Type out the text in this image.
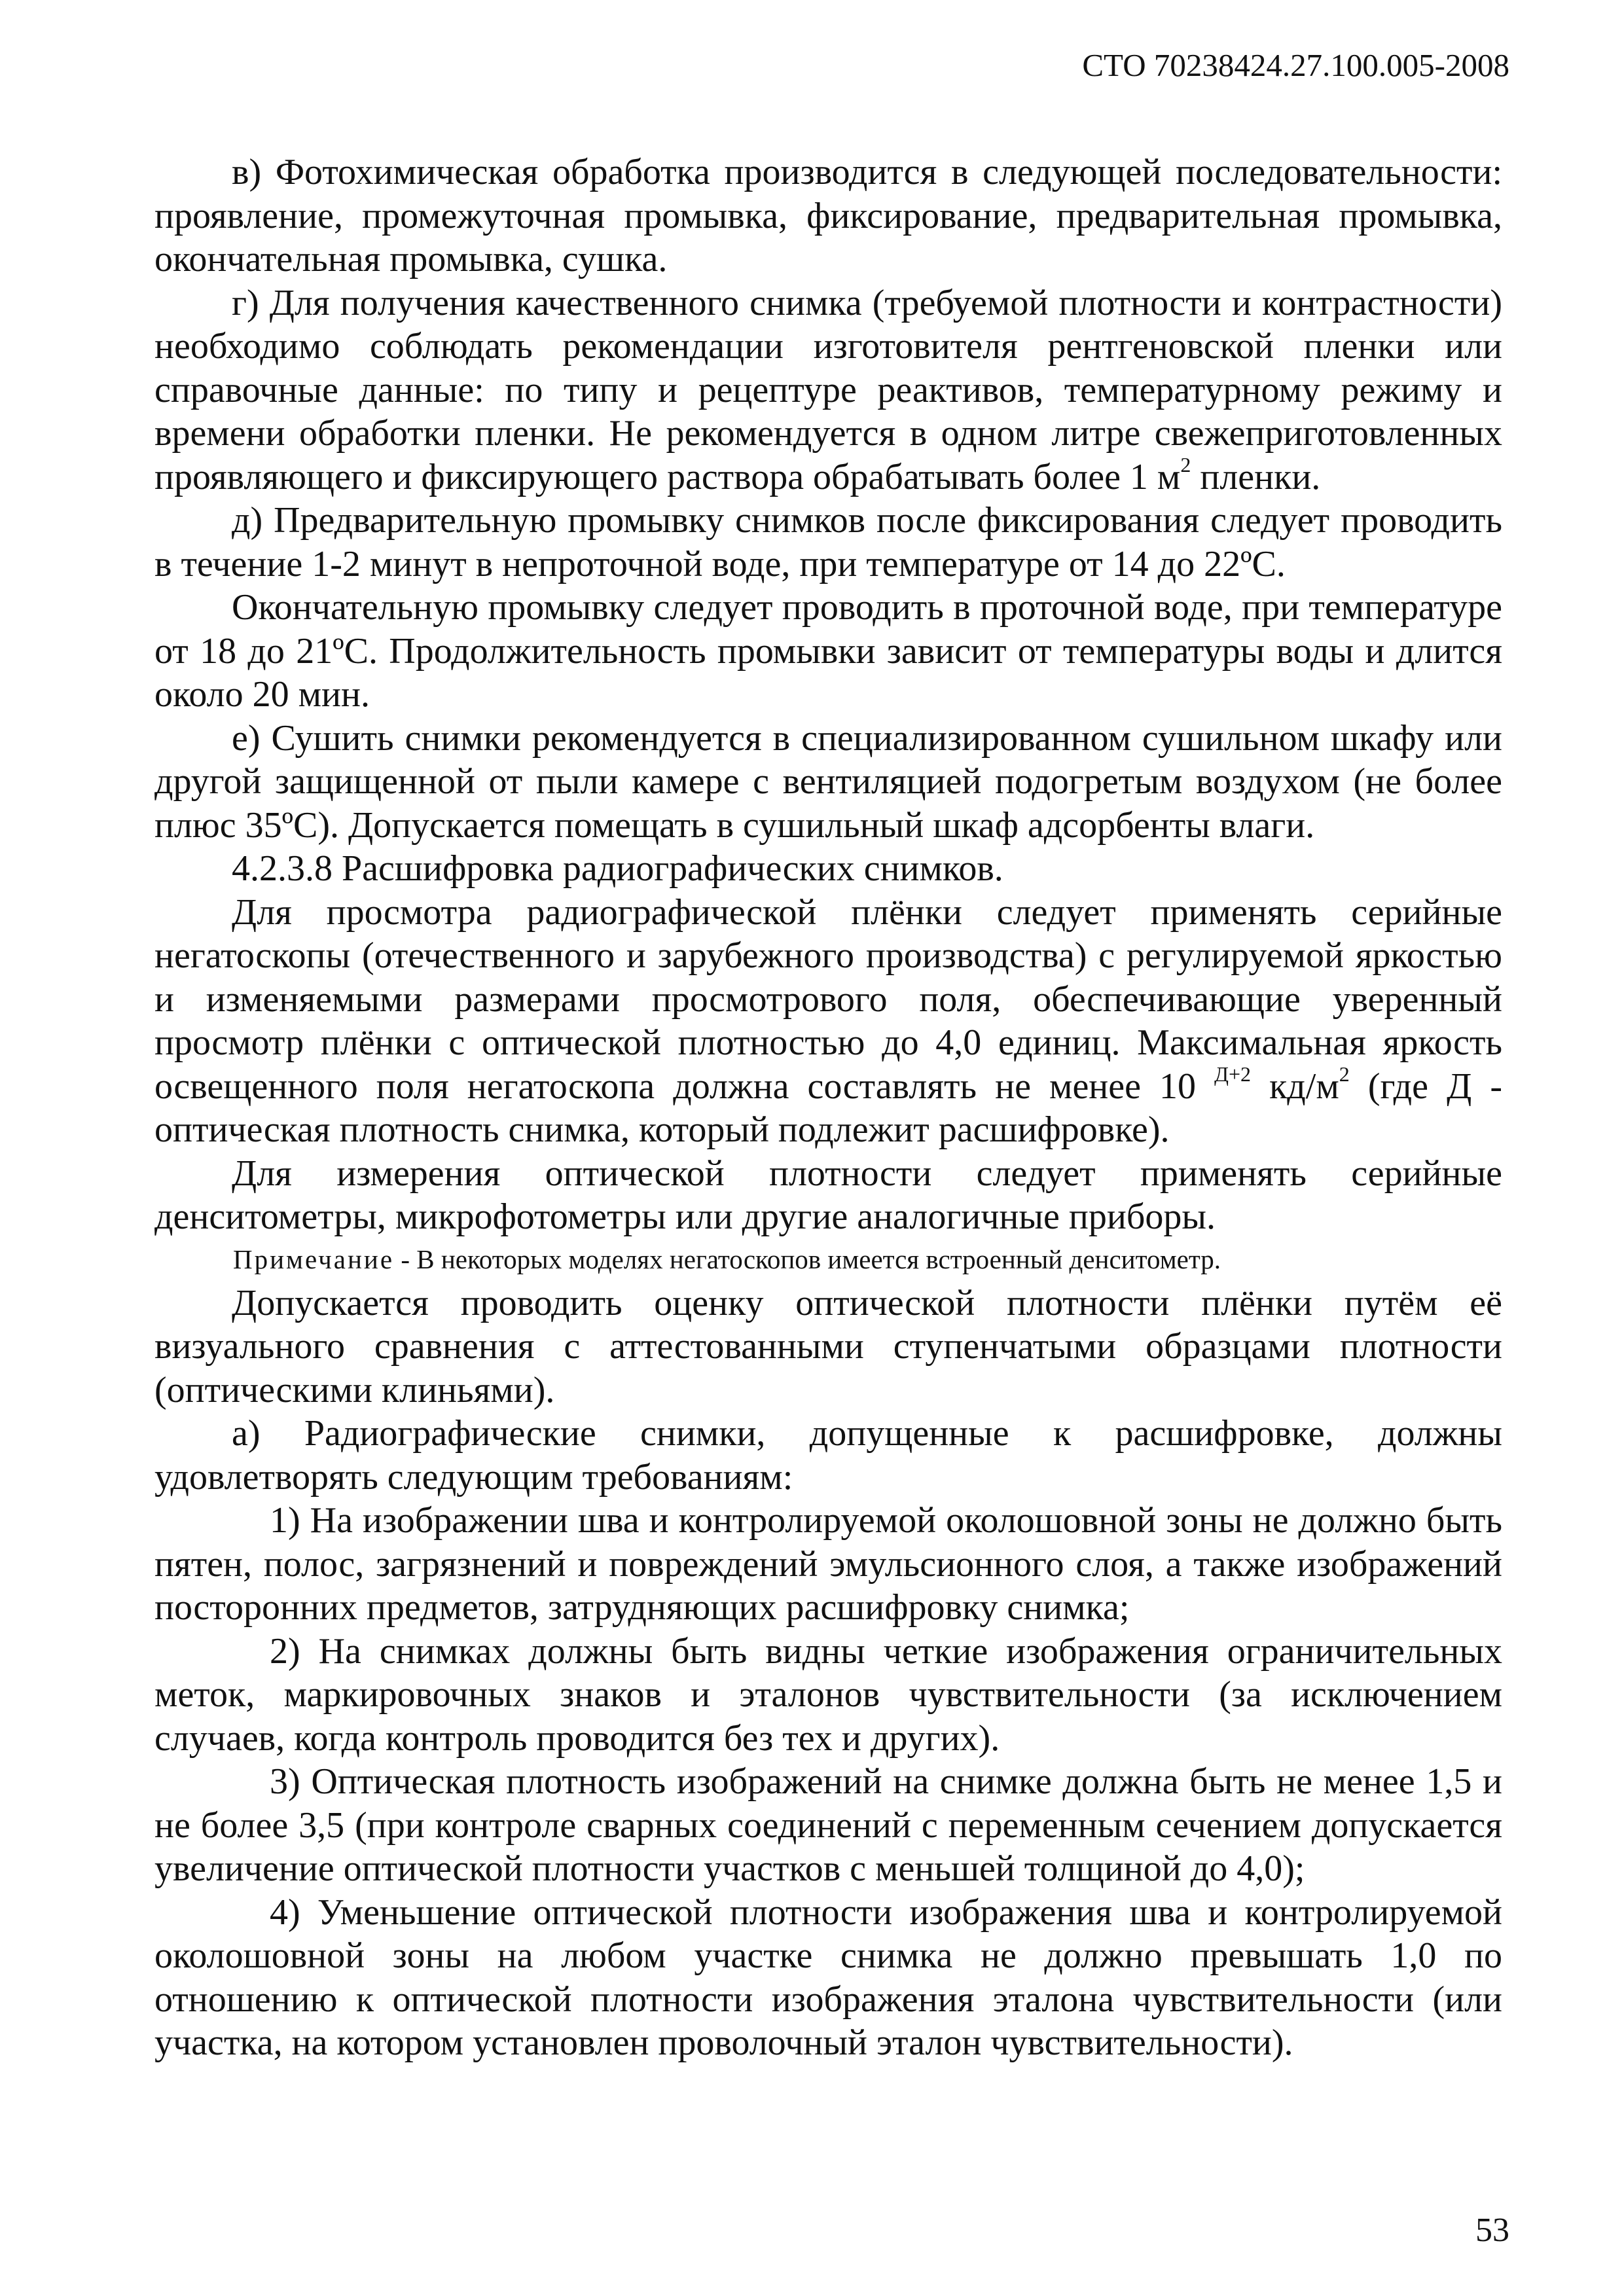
СТО 70238424.27.100.005-2008

в) Фотохимическая обработка производится в следующей последовательности: проявление, промежуточная промывка, фиксирование, предварительная промывка, окончательная промывка, сушка.

г) Для получения качественного снимка (требуемой плотности и контрастности) необходимо соблюдать рекомендации изготовителя рентгеновской пленки или справочные данные: по типу и рецептуре реактивов, температурному режиму и времени обработки пленки. Не рекомендуется в одном литре свежеприготовленных проявляющего и фиксирующего раствора обрабатывать более 1 $м^2$ пленки.

д) Предварительную промывку снимков после фиксирования следует проводить в течение 1-2 минут в непроточной воде, при температуре от 14 до 22ºС.

Окончательную промывку следует проводить в проточной воде, при температуре от 18 до 21ºС. Продолжительность промывки зависит от температуры воды и длится около 20 мин.

е) Сушить снимки рекомендуется в специализированном сушильном шкафу или другой защищенной от пыли камере с вентиляцией подогретым воздухом (не более плюс 35ºС). Допускается помещать в сушильный шкаф адсорбенты влаги.

4.2.3.8 Расшифровка радиографических снимков.

Для просмотра радиографической плёнки следует применять серийные негатоскопы (отечественного и зарубежного производства) с регулируемой яркостью и изменяемыми размерами просмотрового поля, обеспечивающие уверенный просмотр плёнки с оптической плотностью до 4,0 единиц. Максимальная яркость освещенного поля негатоскопа должна составлять не менее 10 $^{Д+2}$ $кд/м^2$ (где Д - оптическая плотность снимка, который подлежит расшифровке).

Для измерения оптической плотности следует применять серийные денситометры, микрофотометры или другие аналогичные приборы.

Примечание - В некоторых моделях негатоскопов имеется встроенный денситометр.

Допускается проводить оценку оптической плотности плёнки путём её визуального сравнения с аттестованными ступенчатыми образцами плотности (оптическими клиньями).

а) Радиографические снимки, допущенные к расшифровке, должны удовлетворять следующим требованиям:

1) На изображении шва и контролируемой околошовной зоны не должно быть пятен, полос, загрязнений и повреждений эмульсионного слоя, а также изображений посторонних предметов, затрудняющих расшифровку снимка;

2) На снимках должны быть видны четкие изображения ограничительных меток, маркировочных знаков и эталонов чувствительности (за исключением случаев, когда контроль проводится без тех и других).

3) Оптическая плотность изображений на снимке должна быть не менее 1,5 и не более 3,5 (при контроле сварных соединений с переменным сечением допускается увеличение оптической плотности участков с меньшей толщиной до 4,0);

4) Уменьшение оптической плотности изображения шва и контролируемой околошовной зоны на любом участке снимка не должно превышать 1,0 по отношению к оптической плотности изображения эталона чувствительности (или участка, на котором установлен проволочный эталон чувствительности).

53
